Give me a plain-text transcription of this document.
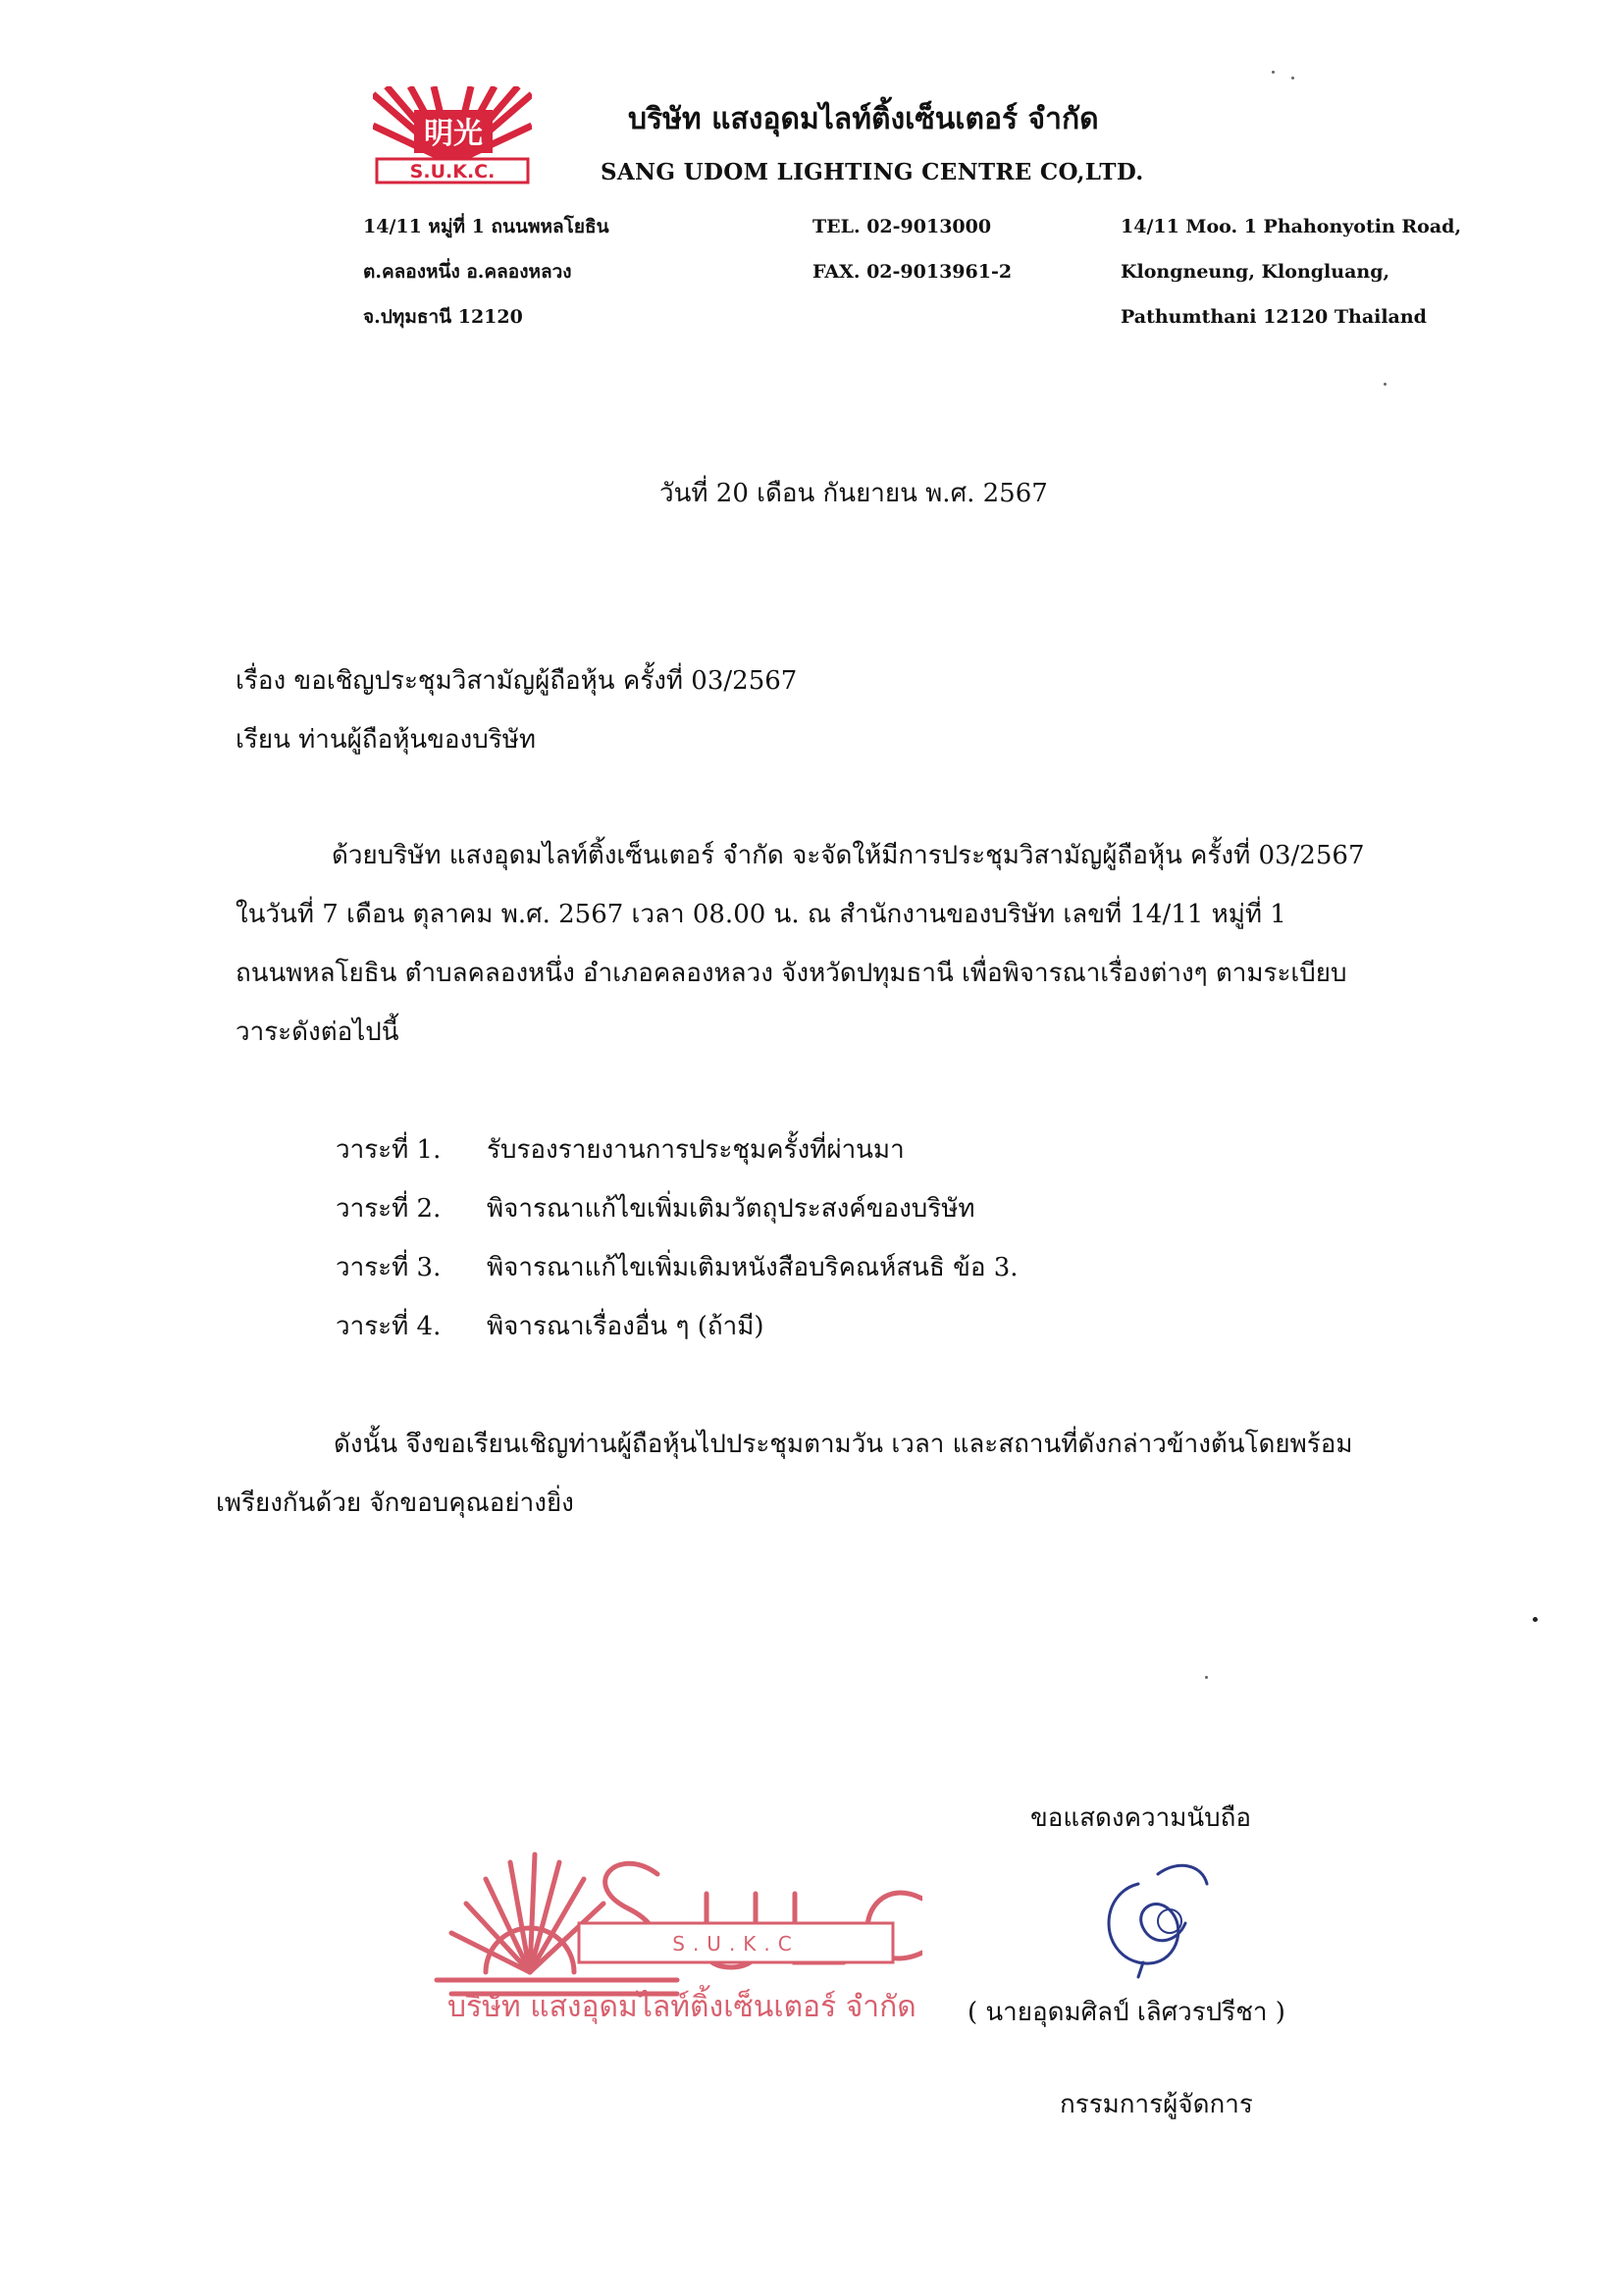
明光
S.U.K.C.
บริษัท แสงอุดมไลท์ติ้งเซ็นเตอร์ จำกัด
SANG UDOM LIGHTING CENTRE CO,LTD.
14/11 หมู่ที่ 1 ถนนพหลโยธิน
ต.คลองหนึ่ง อ.คลองหลวง
จ.ปทุมธานี 12120
TEL. 02-9013000
FAX. 02-9013961-2
14/11 Moo. 1 Phahonyotin Road,
Klongneung, Klongluang,
Pathumthani 12120 Thailand
วันที่ 20 เดือน กันยายน พ.ศ. 2567
เรื่อง ขอเชิญประชุมวิสามัญผู้ถือหุ้น ครั้งที่ 03/2567
เรียน ท่านผู้ถือหุ้นของบริษัท

ด้วยบริษัท แสงอุดมไลท์ติ้งเซ็นเตอร์ จำกัด จะจัดให้มีการประชุมวิสามัญผู้ถือหุ้น ครั้งที่ 03/2567

ในวันที่ 7 เดือน ตุลาคม พ.ศ. 2567 เวลา 08.00 น. ณ สำนักงานของบริษัท เลขที่ 14/11 หมู่ที่ 1

ถนนพหลโยธิน ตำบลคลองหนึ่ง อำเภอคลองหลวง จังหวัดปทุมธานี เพื่อพิจารณาเรื่องต่างๆ ตามระเบียบ

วาระดังต่อไปนี้

วาระที่ 1.	รับรองรายงานการประชุมครั้งที่ผ่านมา
วาระที่ 2.	พิจารณาแก้ไขเพิ่มเติมวัตถุประสงค์ของบริษัท
วาระที่ 3.	พิจารณาแก้ไขเพิ่มเติมหนังสือบริคณห์สนธิ ข้อ 3.
วาระที่ 4.	พิจารณาเรื่องอื่น ๆ (ถ้ามี)

ดังนั้น จึงขอเรียนเชิญท่านผู้ถือหุ้นไปประชุมตามวัน เวลา และสถานที่ดังกล่าวข้างต้นโดยพร้อม

เพรียงกันด้วย จักขอบคุณอย่างยิ่ง

S.U.K.C
บริษัท แสงอุดมไลท์ติ้งเซ็นเตอร์ จำกัด
ขอแสดงความนับถือ
( นายอุดมศิลป์ เลิศวรปรีชา )
กรรมการผู้จัดการ
